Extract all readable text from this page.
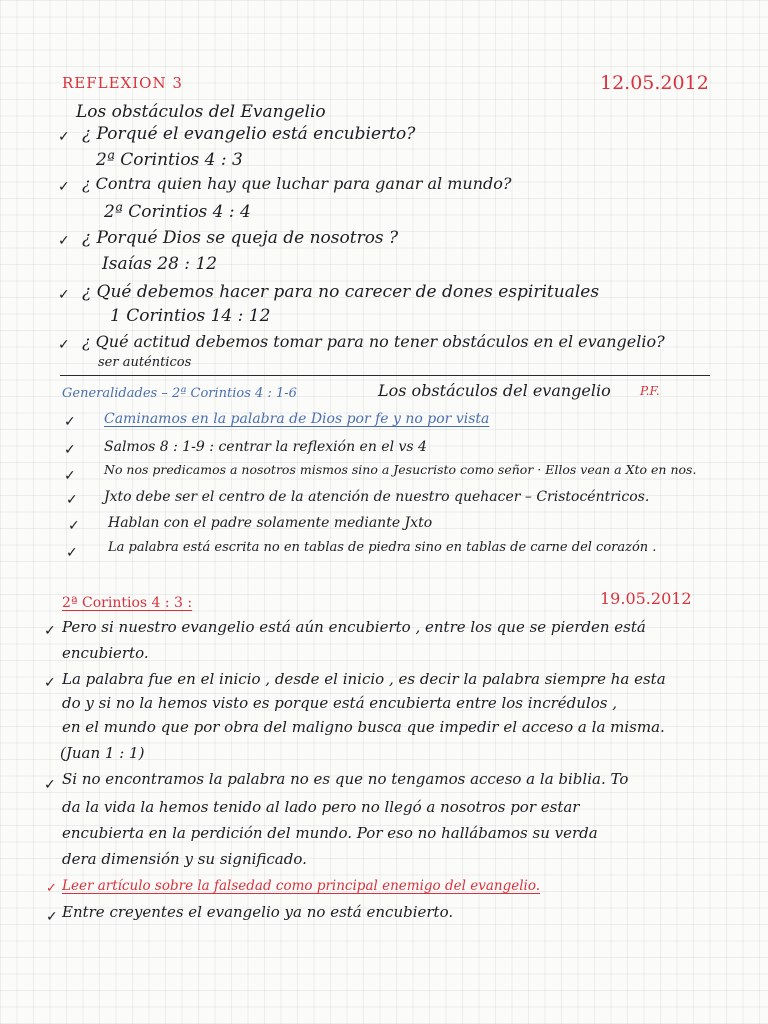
REFLEXION 3	12.05.2012
Los obstáculos del Evangelio
✓ ¿ Porqué el evangelio está encubierto?
2ª Corintios 4 : 3
✓ ¿ Contra quien hay que luchar para ganar al mundo?
2ª Corintios 4 : 4
✓ ¿ Porqué Dios se queja de nosotros ?
Isaías 28 : 12
✓ ¿ Qué debemos hacer para no carecer de dones espirituales
1 Corintios 14 : 12
✓ ¿ Qué actitud debemos tomar para no tener obstáculos en el evangelio?
ser auténticos
Generalidades – 2ª Corintios 4 : 1-6	Los obstáculos del evangelio P.F.
✓ Caminamos en la palabra de Dios por fe y no por vista
✓ Salmos 8 : 1-9 : centrar la reflexión en el vs 4
✓ No nos predicamos a nosotros mismos sino a Jesucristo como señor · Ellos vean a Xto en nos.
✓ Jxto debe ser el centro de la atención de nuestro quehacer – Cristocéntricos.
✓ Hablan con el padre solamente mediante Jxto
✓ La palabra está escrita no en tablas de piedra sino en tablas de carne del corazón .
2ª Corintios 4 : 3 :	19.05.2012
✓ Pero si nuestro evangelio está aún encubierto , entre los que se pierden está
encubierto.
✓ La palabra fue en el inicio , desde el inicio , es decir la palabra siempre ha esta
do y si no la hemos visto es porque está encubierta entre los incrédulos ,
en el mundo que por obra del maligno busca que impedir el acceso a la misma.
(Juan 1 : 1)
✓ Si no encontramos la palabra no es que no tengamos acceso a la biblia. To
da la vida la hemos tenido al lado pero no llegó a nosotros por estar
encubierta en la perdición del mundo. Por eso no hallábamos su verda
dera dimensión y su significado.
✓ Leer artículo sobre la falsedad como principal enemigo del evangelio.
✓ Entre creyentes el evangelio ya no está encubierto.
